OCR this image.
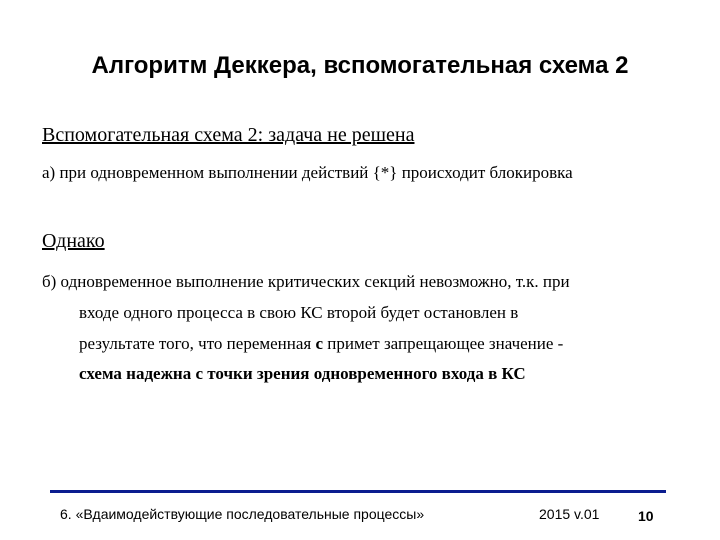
Алгоритм Деккера, вспомогательная схема 2
Вспомогательная схема 2: задача не решена
а) при одновременном выполнении действий {*} происходит блокировка
Однако
б) одновременное выполнение критических секций невозможно, т.к. при
входе одного процесса в свою КС второй будет остановлен в
результате того, что переменная c примет запрещающее значение -
схема надежна с точки зрения одновременного входа в КС
6. «Вдаимодействующие последовательные процессы»	2015 v.01	10
